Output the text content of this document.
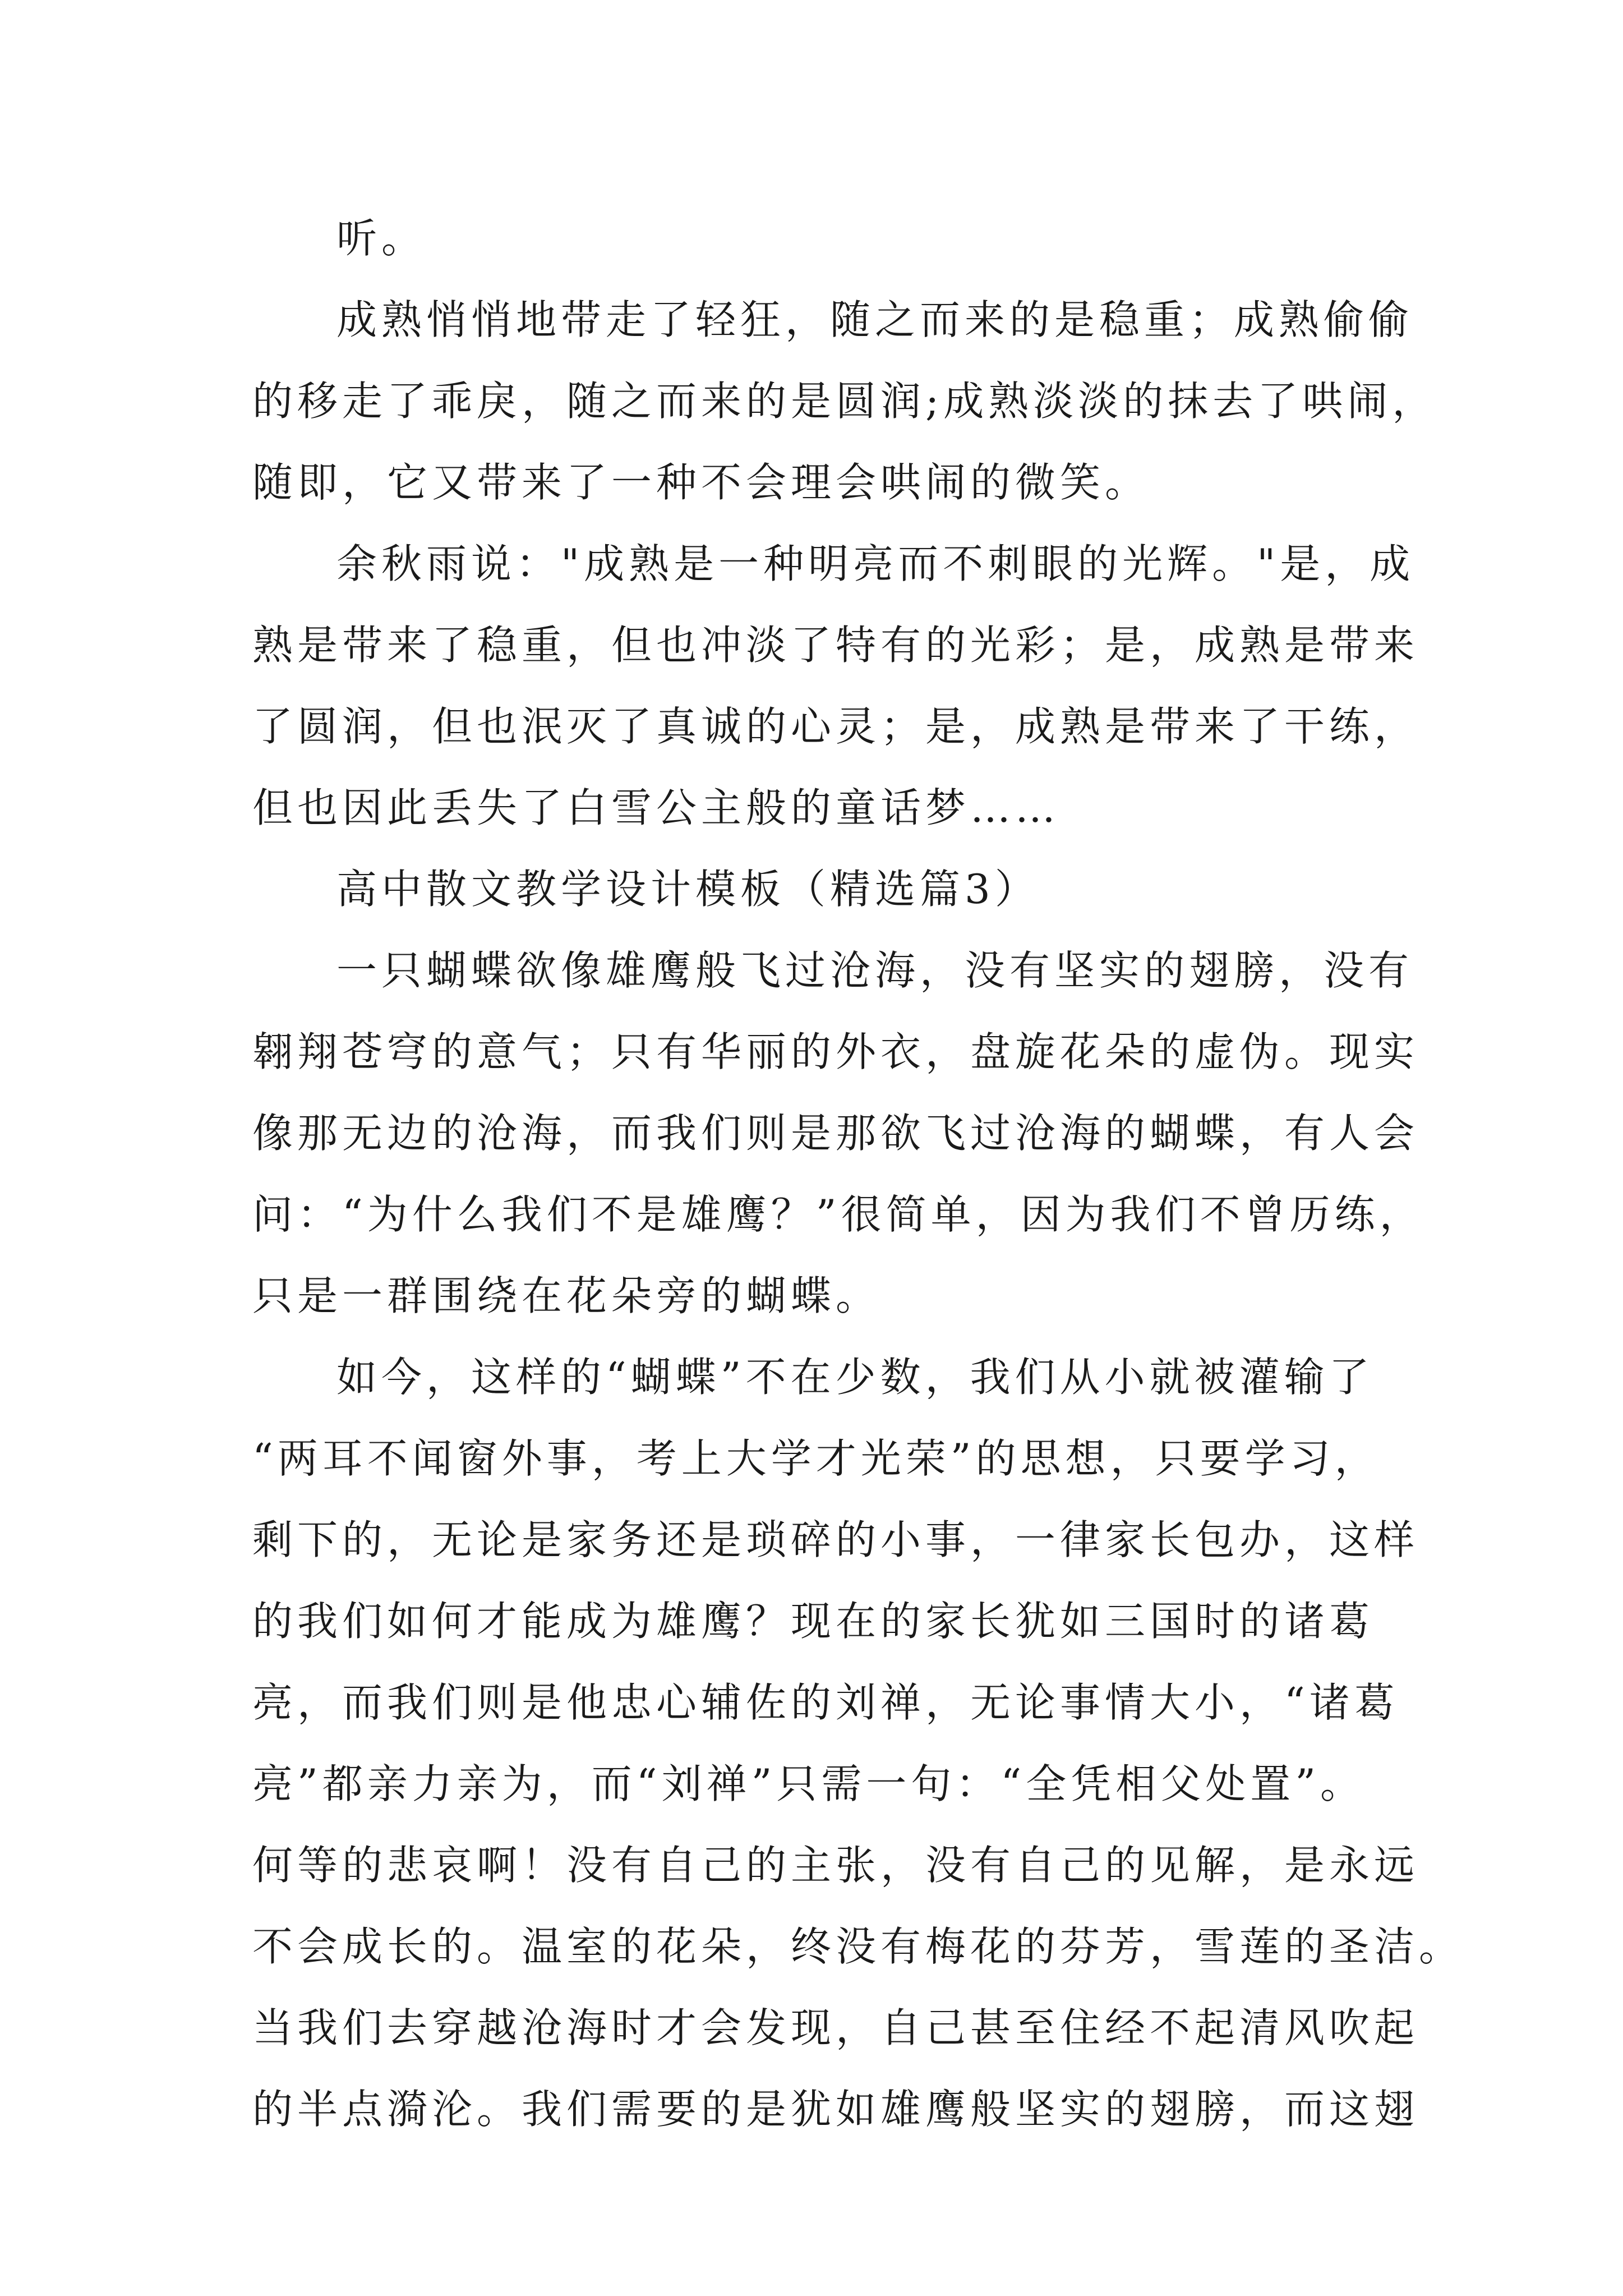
听。
成熟悄悄地带走了轻狂，随之而来的是稳重；成熟偷偷
的移走了乖戾，随之而来的是圆润;成熟淡淡的抹去了哄闹，
随即，它又带来了一种不会理会哄闹的微笑。
余秋雨说："成熟是一种明亮而不刺眼的光辉。"是，成
熟是带来了稳重，但也冲淡了特有的光彩；是，成熟是带来
了圆润，但也泯灭了真诚的心灵；是，成熟是带来了干练，
但也因此丢失了白雪公主般的童话梦……
高中散文教学设计模板（精选篇3）
一只蝴蝶欲像雄鹰般飞过沧海，没有坚实的翅膀，没有
翱翔苍穹的意气；只有华丽的外衣，盘旋花朵的虚伪。现实
像那无边的沧海，而我们则是那欲飞过沧海的蝴蝶，有人会
问：“为什么我们不是雄鹰？”很简单，因为我们不曾历练，
只是一群围绕在花朵旁的蝴蝶。
如今，这样的“蝴蝶”不在少数，我们从小就被灌输了
“两耳不闻窗外事，考上大学才光荣”的思想，只要学习，
剩下的，无论是家务还是琐碎的小事，一律家长包办，这样
的我们如何才能成为雄鹰？现在的家长犹如三国时的诸葛
亮，而我们则是他忠心辅佐的刘禅，无论事情大小，“诸葛
亮”都亲力亲为，而“刘禅”只需一句：“全凭相父处置”。
何等的悲哀啊！没有自己的主张，没有自己的见解，是永远
不会成长的。温室的花朵，终没有梅花的芬芳，雪莲的圣洁。
当我们去穿越沧海时才会发现，自己甚至住经不起清风吹起
的半点漪沦。我们需要的是犹如雄鹰般坚实的翅膀，而这翅
